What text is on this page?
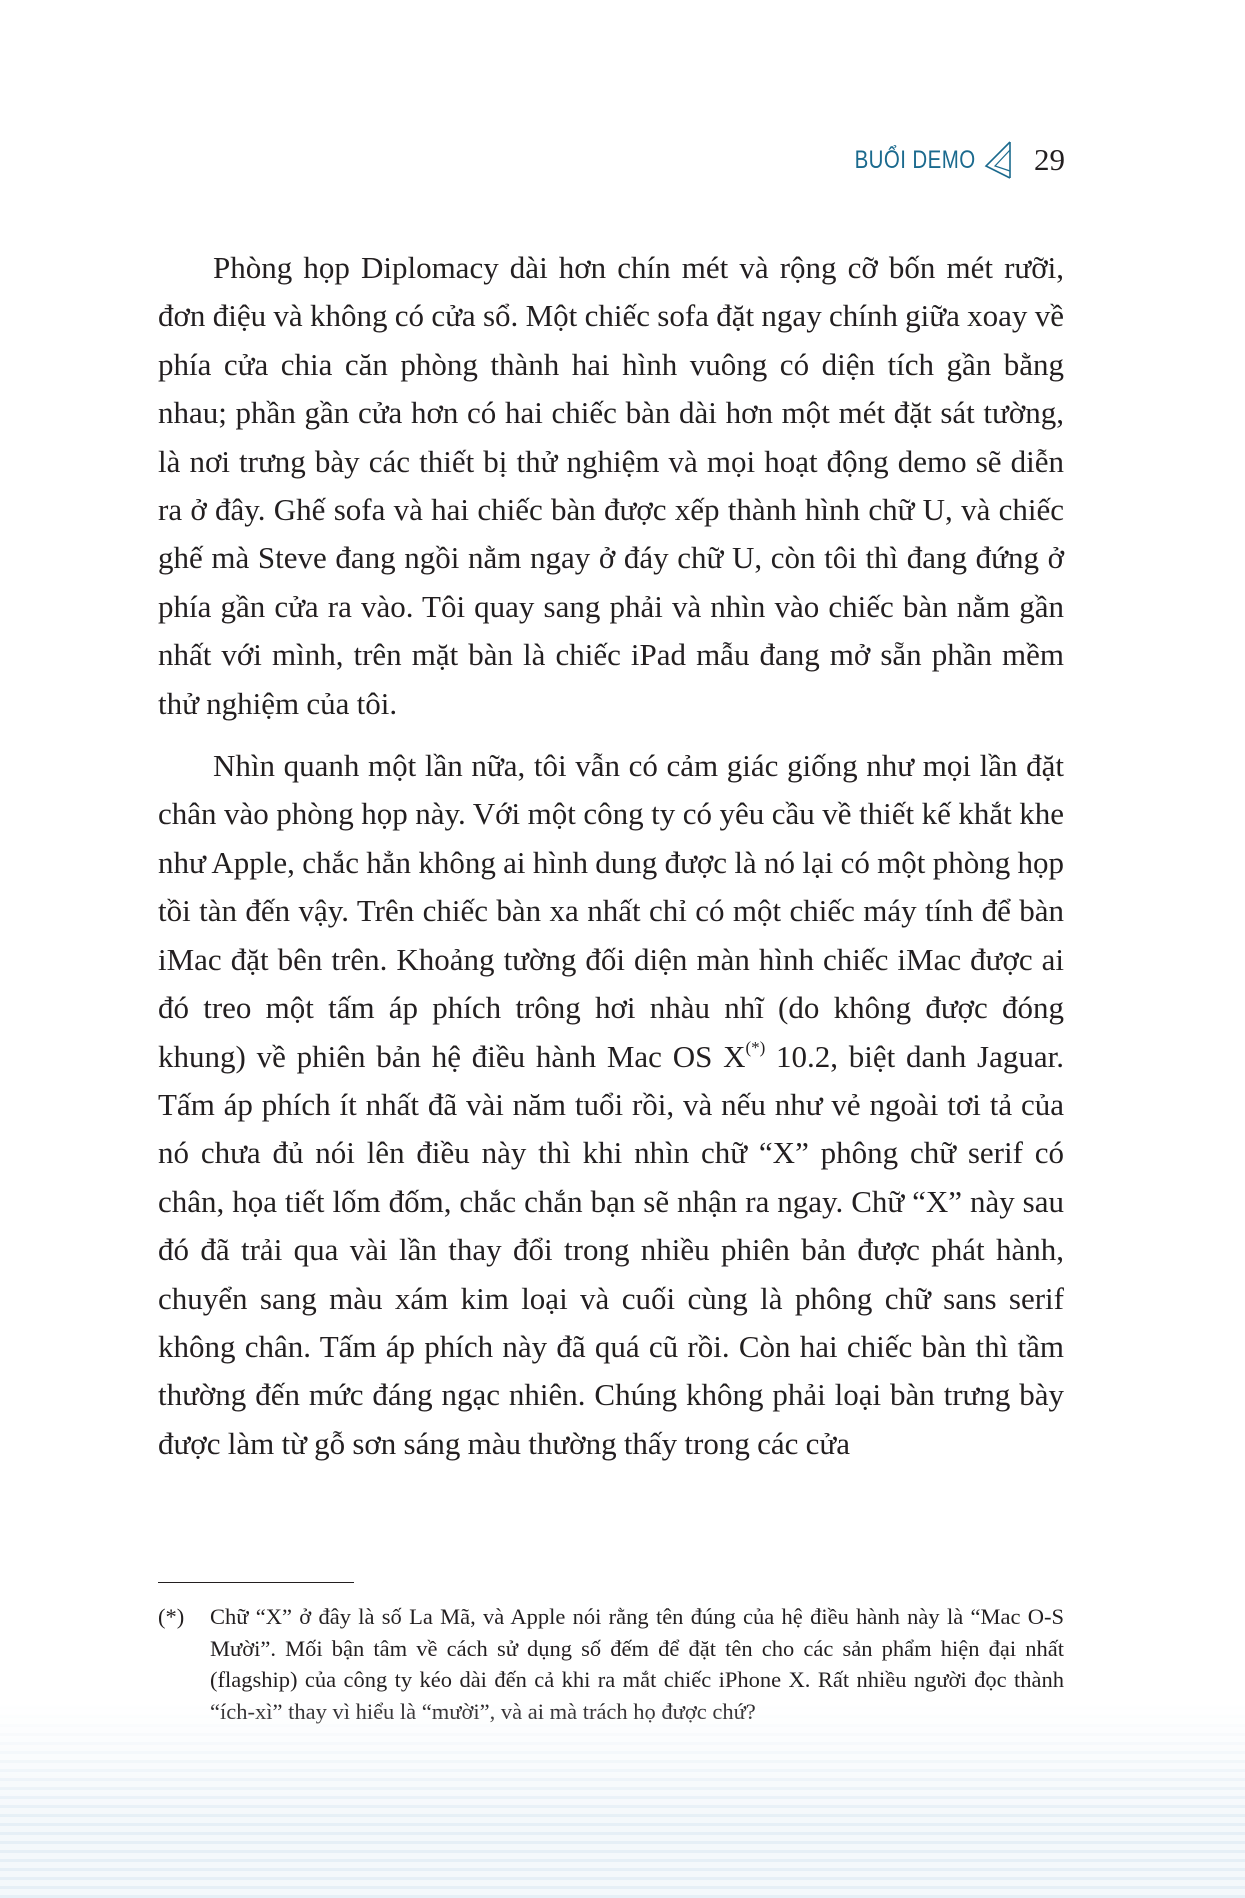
BUỔI DEMO 29

Phòng họp Diplomacy dài hơn chín mét và rộng cỡ bốn mét rưỡi, đơn điệu và không có cửa sổ. Một chiếc sofa đặt ngay chính giữa xoay về phía cửa chia căn phòng thành hai hình vuông có diện tích gần bằng nhau; phần gần cửa hơn có hai chiếc bàn dài hơn một mét đặt sát tường, là nơi trưng bày các thiết bị thử nghiệm và mọi hoạt động demo sẽ diễn ra ở đây. Ghế sofa và hai chiếc bàn được xếp thành hình chữ U, và chiếc ghế mà Steve đang ngồi nằm ngay ở đáy chữ U, còn tôi thì đang đứng ở phía gần cửa ra vào. Tôi quay sang phải và nhìn vào chiếc bàn nằm gần nhất với mình, trên mặt bàn là chiếc iPad mẫu đang mở sẵn phần mềm thử nghiệm của tôi.

Nhìn quanh một lần nữa, tôi vẫn có cảm giác giống như mọi lần đặt chân vào phòng họp này. Với một công ty có yêu cầu về thiết kế khắt khe như Apple, chắc hẳn không ai hình dung được là nó lại có một phòng họp tồi tàn đến vậy. Trên chiếc bàn xa nhất chỉ có một chiếc máy tính để bàn iMac đặt bên trên. Khoảng tường đối diện màn hình chiếc iMac được ai đó treo một tấm áp phích trông hơi nhàu nhĩ (do không được đóng khung) về phiên bản hệ điều hành Mac OS X(*) 10.2, biệt danh Jaguar. Tấm áp phích ít nhất đã vài năm tuổi rồi, và nếu như vẻ ngoài tơi tả của nó chưa đủ nói lên điều này thì khi nhìn chữ “X” phông chữ serif có chân, họa tiết lốm đốm, chắc chắn bạn sẽ nhận ra ngay. Chữ “X” này sau đó đã trải qua vài lần thay đổi trong nhiều phiên bản được phát hành, chuyển sang màu xám kim loại và cuối cùng là phông chữ sans serif không chân. Tấm áp phích này đã quá cũ rồi. Còn hai chiếc bàn thì tầm thường đến mức đáng ngạc nhiên. Chúng không phải loại bàn trưng bày được làm từ gỗ sơn sáng màu thường thấy trong các cửa

(*)	Chữ “X” ở đây là số La Mã, và Apple nói rằng tên đúng của hệ điều hành này là “Mac O-S Mười”. Mối bận tâm về cách sử dụng số đếm để đặt tên cho các sản phẩm hiện đại nhất (flagship) của công ty kéo dài đến cả khi ra mắt chiếc iPhone X. Rất nhiều người đọc thành
